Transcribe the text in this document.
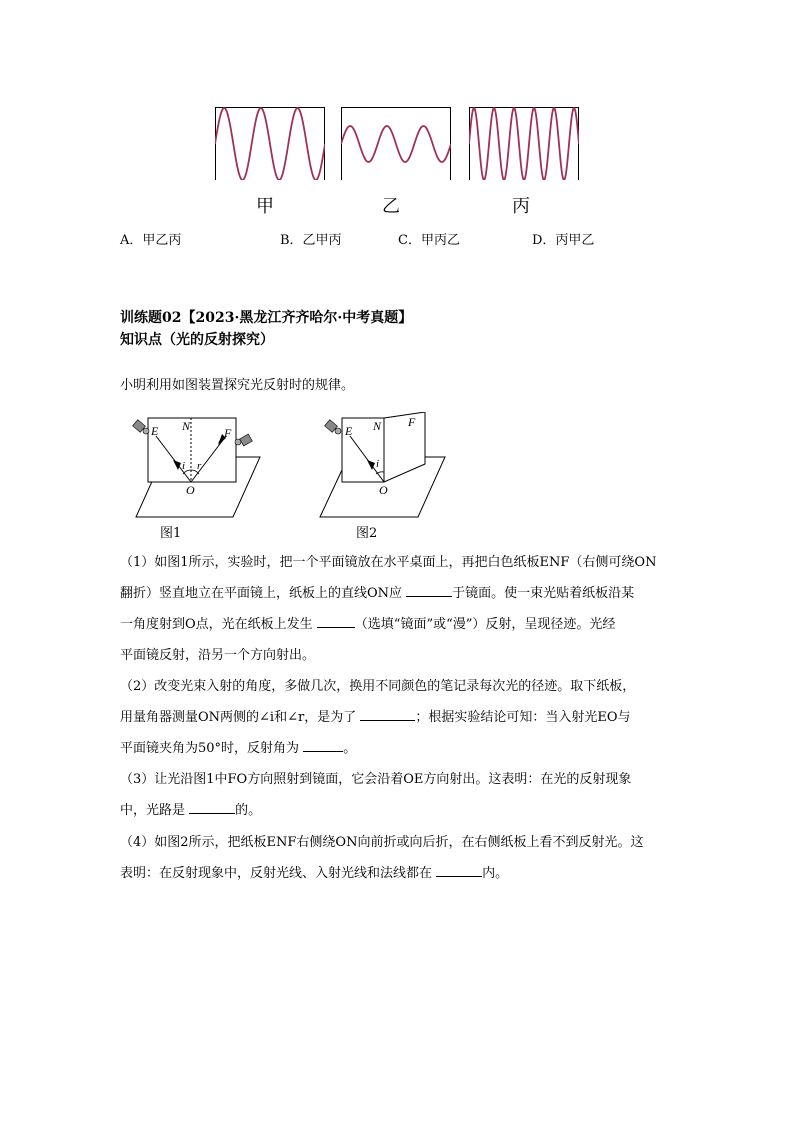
甲	乙	丙
A．甲乙丙	B．乙甲丙	C．甲丙乙	D．丙甲乙
训练题02【2023·黑龙江齐齐哈尔·中考真题】
知识点（光的反射探究）
小明利用如图装置探究光反射时的规律。
E N	F
i r
O
图1
E N F
i
O
图2
（1）如图1所示，实验时，把一个平面镜放在水平桌面上，再把白色纸板ENF（右侧可绕ON
翻折）竖直地立在平面镜上，纸板上的直线ON应	于镜面。使一束光贴着纸板沿某
一角度射到O点，光在纸板上发生	（选填“镜面”或“漫”）反射，呈现径迹。光经
平面镜反射，沿另一个方向射出。
（2）改变光束入射的角度，多做几次，换用不同颜色的笔记录每次光的径迹。取下纸板，
用量角器测量ON两侧的∠i和∠r，是为了	；根据实验结论可知：当入射光EO与
平面镜夹角为50°时，反射角为	。
（3）让光沿图1中FO方向照射到镜面，它会沿着OE方向射出。这表明：在光的反射现象
中，光路是	的。
（4）如图2所示，把纸板ENF右侧绕ON向前折或向后折，在右侧纸板上看不到反射光。这
表明：在反射现象中，反射光线、入射光线和法线都在	内。
